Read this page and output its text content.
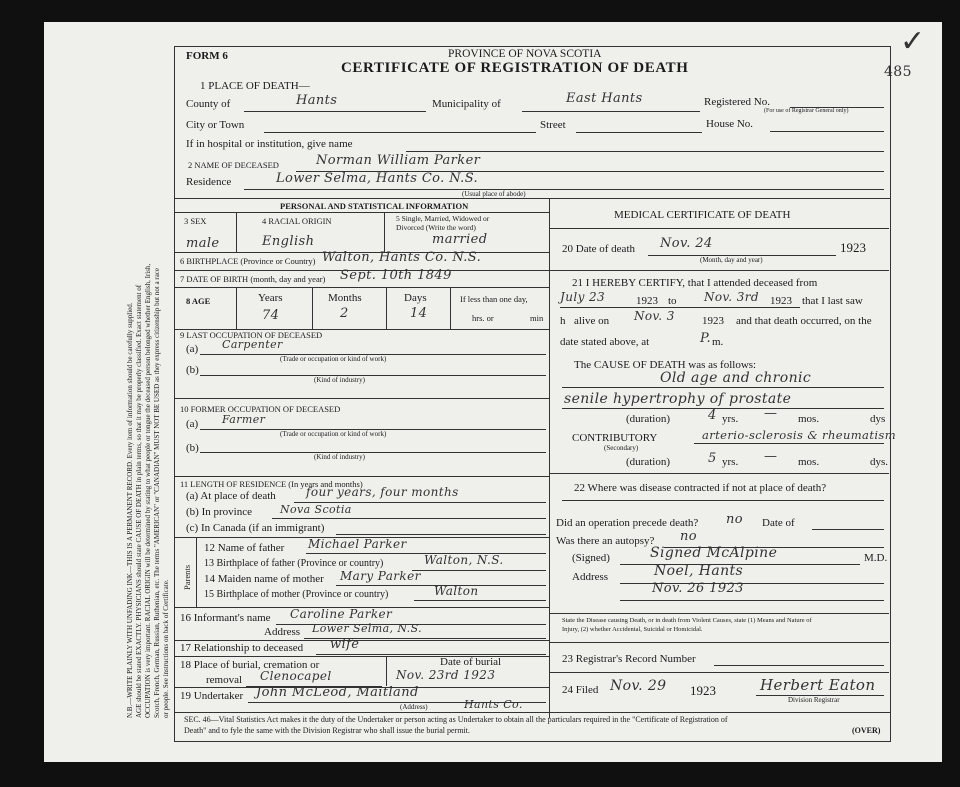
N.B.—WRITE PLAINLY WITH UNFADING INK—THIS IS A PERMANENT RECORD. Every item of information should be carefully supplied. AGE should be stated EXACTLY. PHYSICIANS should state CAUSE OF DEATH in plain terms, so that it may be properly classified. Exact statement of OCCUPATION is very important. RACIAL ORIGIN will be determined by stating to what people or tongue the deceased person belonged whether English, Irish, Scotch, French, German, Russian, Ruthenian, etc. The terms "AMERICAN" or "CANADIAN" MUST NOT BE USED as they express citizenship but not a race or people. See instructions on back of Certificate.
FORM 6	PROVINCE OF NOVA SCOTIA
CERTIFICATE OF REGISTRATION OF DEATH	485
✓
1 PLACE OF DEATH—
County of	Hants	Municipality of	East Hants	Registered No.
(For use of Registrar General only)
City or Town	Street	House No.
If in hospital or institution, give name
2 NAME OF DECEASED	Norman William Parker
Residence	Lower Selma, Hants Co. N.S.
(Usual place of abode)
PERSONAL AND STATISTICAL INFORMATION
3 SEX	4 RACIAL ORIGIN	5 Single, Married, Widowed or
Divorced (Write the word)
male	English	married
6 BIRTHPLACE (Province or Country) Walton, Hants Co. N.S.
7 DATE OF BIRTH (month, day and year) Sept. 10th 1849
8 AGE	Years	Months	Days
74	2	14
If less than one day,
hrs. or	min
9 LAST OCCUPATION OF DECEASED
(a) Carpenter
(Trade or occupation or kind of work)
(b)
(Kind of industry)
10 FORMER OCCUPATION OF DECEASED
(a) Farmer
(Trade or occupation or kind of work)
(b)
(Kind of industry)
11 LENGTH OF RESIDENCE (In years and months)
(a) At place of death	four years, four months
(b) In province	Nova Scotia
(c) In Canada (if an immigrant)
Parents
12 Name of father Michael Parker
13 Birthplace of father (Province or country)	Walton, N.S.
14 Maiden name of mother Mary Parker
15 Birthplace of mother (Province or country)	Walton
16 Informant's name Caroline Parker
Address Lower Selma, N.S.
17 Relationship to deceased wife
18 Place of burial, cremation or
removal Clenocapel
Date of burial
Nov. 23rd 1923
19 Undertaker John McLeod, Maitland
(Address)	Hants Co.
SEC. 46—Vital Statistics Act makes it the duty of the Undertaker or person acting as Undertaker to obtain all the particulars required in the "Certificate of Registration of
Death" and to fyle the same with the Division Registrar who shall issue the burial permit.	(OVER)
MEDICAL CERTIFICATE OF DEATH
20 Date of death Nov. 24	1923
(Month, day and year)
21 I HEREBY CERTIFY, that I attended deceased from
July 23	1923 to Nov. 3rd 1923 that I last saw
h alive on Nov. 3 1923 and that death occurred, on the
date stated above, at	P. m.
The CAUSE OF DEATH was as follows:
Old age and chronic
senile hypertrophy of prostate
(duration)	4 yrs. — mos.	dys
CONTRIBUTORY
(Secondary)
arterio-sclerosis & rheumatism
(duration)	5 yrs. — mos.	dys.
22 Where was disease contracted if not at place of death?
Did an operation precede death? no Date of
Was there an autopsy? no
(Signed)	Signed McAlpine	M.D.
Address	Noel, Hants
Nov. 26 1923
State the Disease causing Death, or in death from Violent Causes, state (1) Means and Nature of
Injury, (2) whether Accidental, Suicidal or Homicidal.
23 Registrar's Record Number
24 Filed Nov. 29 1923	Herbert Eaton
Division Registrar
